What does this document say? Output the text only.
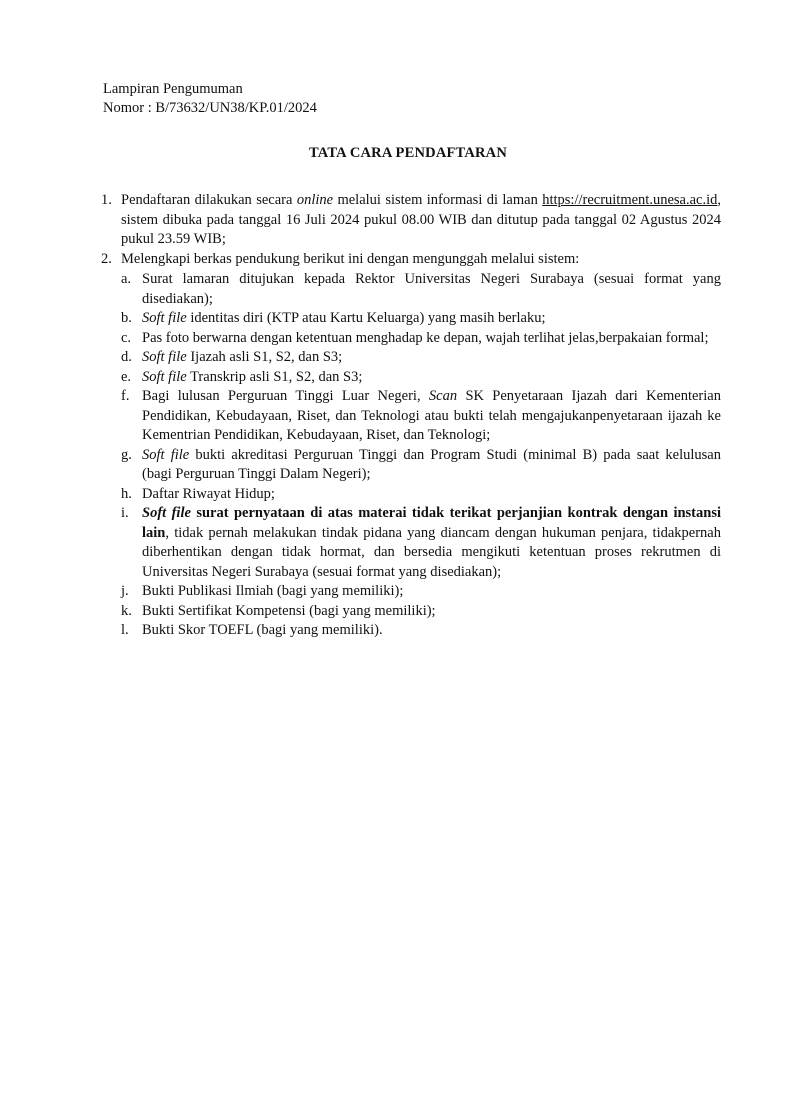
Lampiran Pengumuman
Nomor : B/73632/UN38/KP.01/2024
TATA CARA PENDAFTARAN
1. Pendaftaran dilakukan secara online melalui sistem informasi di laman https://recruitment.unesa.ac.id, sistem dibuka pada tanggal 16 Juli 2024 pukul 08.00 WIB dan ditutup pada tanggal 02 Agustus 2024 pukul 23.59 WIB;
2. Melengkapi berkas pendukung berikut ini dengan mengunggah melalui sistem:
a. Surat lamaran ditujukan kepada Rektor Universitas Negeri Surabaya (sesuai format yang disediakan);
b. Soft file identitas diri (KTP atau Kartu Keluarga) yang masih berlaku;
c. Pas foto berwarna dengan ketentuan menghadap ke depan, wajah terlihat jelas,berpakaian formal;
d. Soft file Ijazah asli S1, S2, dan S3;
e. Soft file Transkrip asli S1, S2, dan S3;
f. Bagi lulusan Perguruan Tinggi Luar Negeri, Scan SK Penyetaraan Ijazah dari Kementerian Pendidikan, Kebudayaan, Riset, dan Teknologi atau bukti telah mengajukanpenyetaraan ijazah ke Kementrian Pendidikan, Kebudayaan, Riset, dan Teknologi;
g. Soft file bukti akreditasi Perguruan Tinggi dan Program Studi (minimal B) pada saat kelulusan (bagi Perguruan Tinggi Dalam Negeri);
h. Daftar Riwayat Hidup;
i. Soft file surat pernyataan di atas materai tidak terikat perjanjian kontrak dengan instansi lain, tidak pernah melakukan tindak pidana yang diancam dengan hukuman penjara, tidakpernah diberhentikan dengan tidak hormat, dan bersedia mengikuti ketentuan proses rekrutmen di Universitas Negeri Surabaya (sesuai format yang disediakan);
j. Bukti Publikasi Ilmiah (bagi yang memiliki);
k. Bukti Sertifikat Kompetensi (bagi yang memiliki);
l. Bukti Skor TOEFL (bagi yang memiliki).
